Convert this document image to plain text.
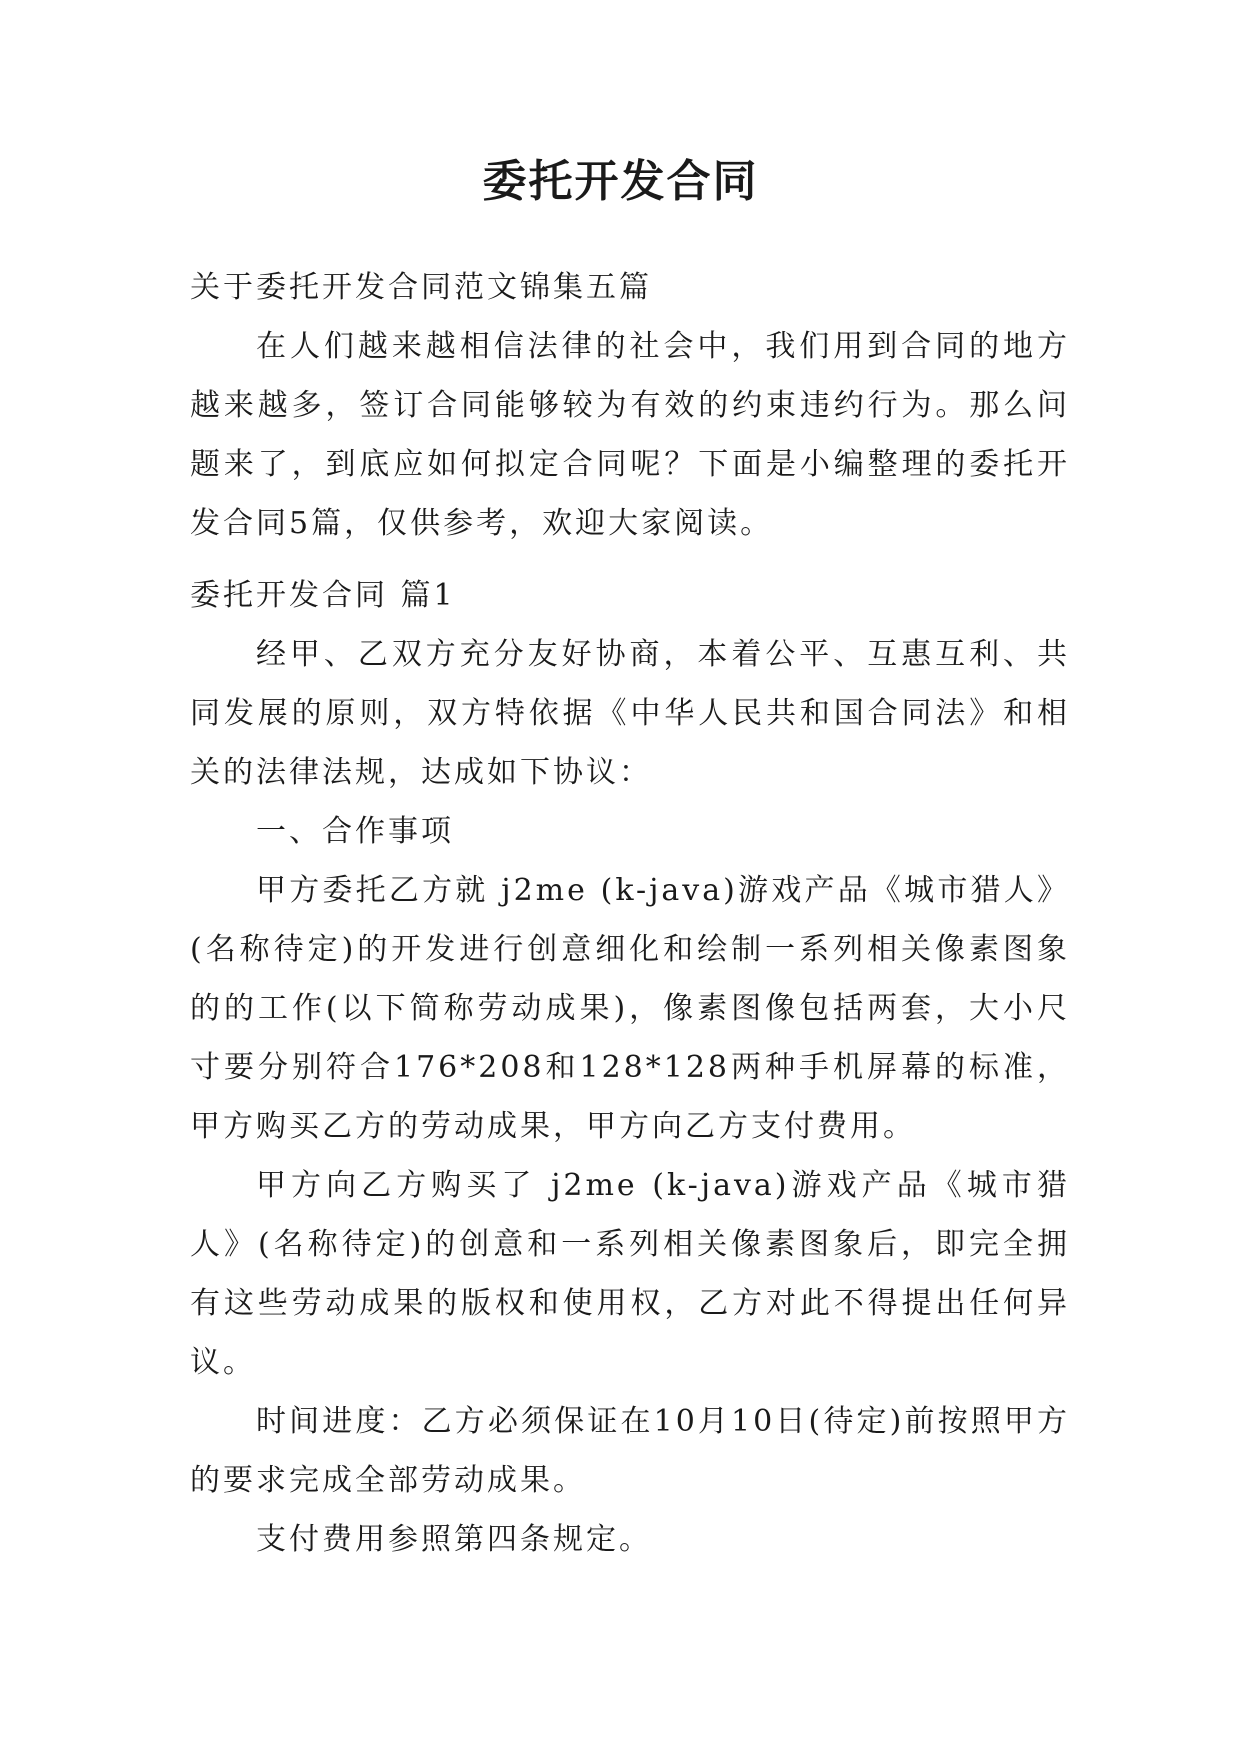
委托开发合同

关于委托开发合同范文锦集五篇

在人们越来越相信法律的社会中，我们用到合同的地方越来越多，签订合同能够较为有效的约束违约行为。那么问题来了，到底应如何拟定合同呢？下面是小编整理的委托开发合同5篇，仅供参考，欢迎大家阅读。

委托开发合同 篇1

经甲、乙双方充分友好协商，本着公平、互惠互利、共同发展的原则，双方特依据《中华人民共和国合同法》和相关的法律法规，达成如下协议：

一、合作事项

甲方委托乙方就 j2me (k-java)游戏产品《城市猎人》(名称待定)的开发进行创意细化和绘制一系列相关像素图象的的工作(以下简称劳动成果)，像素图像包括两套，大小尺寸要分别符合176*208和128*128两种手机屏幕的标准，甲方购买乙方的劳动成果，甲方向乙方支付费用。

甲方向乙方购买了 j2me (k-java)游戏产品《城市猎人》(名称待定)的创意和一系列相关像素图象后，即完全拥有这些劳动成果的版权和使用权，乙方对此不得提出任何异议。

时间进度：乙方必须保证在10月10日(待定)前按照甲方的要求完成全部劳动成果。

支付费用参照第四条规定。
